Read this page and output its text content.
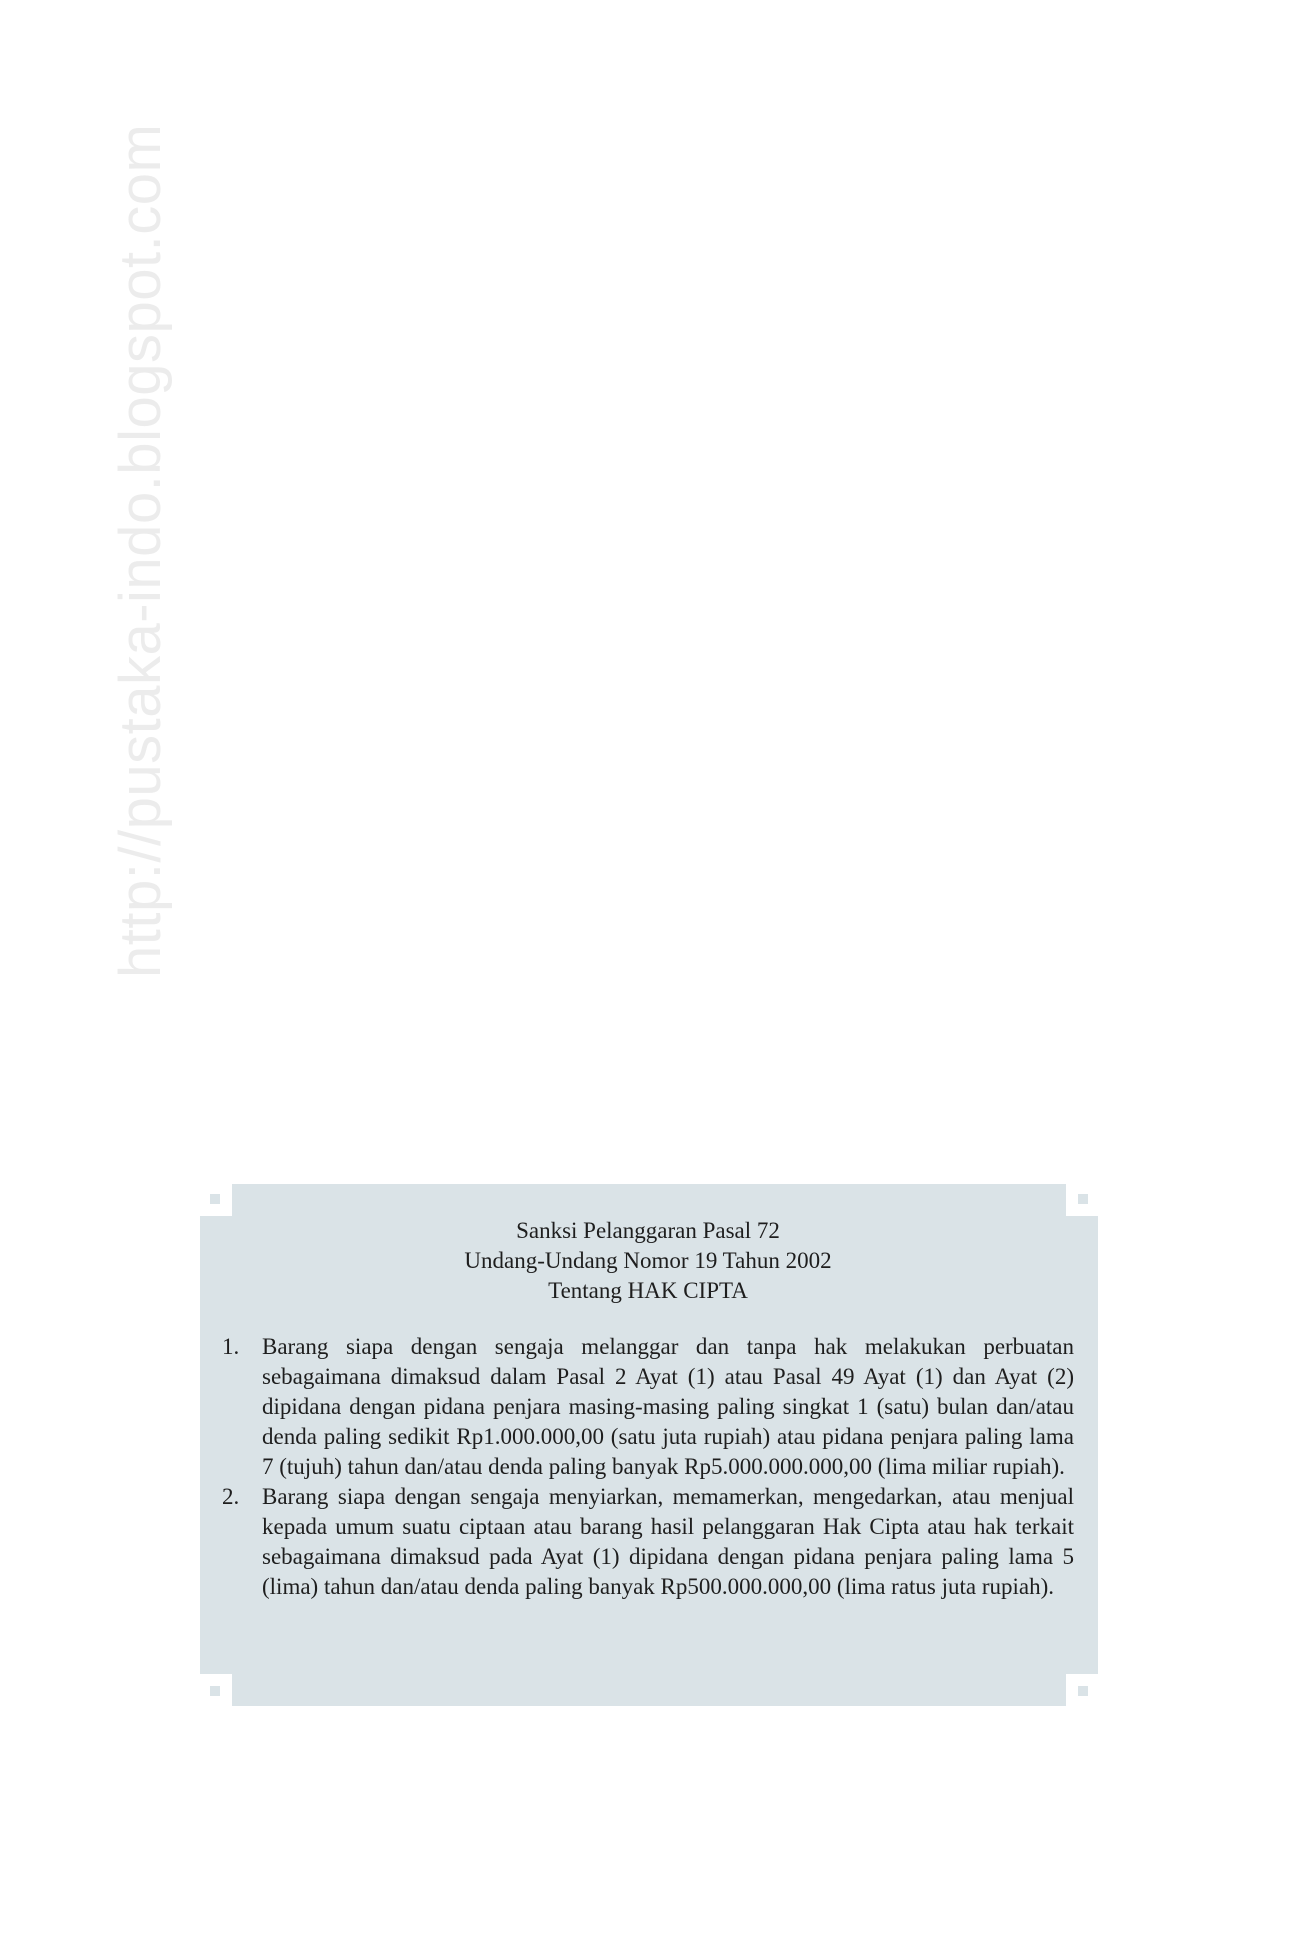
http://pustaka-indo.blogspot.com
Sanksi Pelanggaran Pasal 72
Undang-Undang Nomor 19 Tahun 2002
Tentang HAK CIPTA
1. Barang siapa dengan sengaja melanggar dan tanpa hak melakukan perbuatan sebagaimana dimaksud dalam Pasal 2 Ayat (1) atau Pasal 49 Ayat (1) dan Ayat (2) dipidana dengan pidana penjara masing-masing paling singkat 1 (satu) bulan dan/atau denda paling sedikit Rp1.000.000,00 (satu juta rupiah) atau pidana penjara paling lama 7 (tujuh) tahun dan/atau denda paling banyak Rp5.000.000.000,00 (lima miliar rupiah).
2. Barang siapa dengan sengaja menyiarkan, memamerkan, mengedarkan, atau menjual kepada umum suatu ciptaan atau barang hasil pelanggaran Hak Cipta atau hak terkait sebagaimana dimaksud pada Ayat (1) dipidana dengan pidana penjara paling lama 5 (lima) tahun dan/atau denda paling banyak Rp500.000.000,00 (lima ratus juta rupiah).
